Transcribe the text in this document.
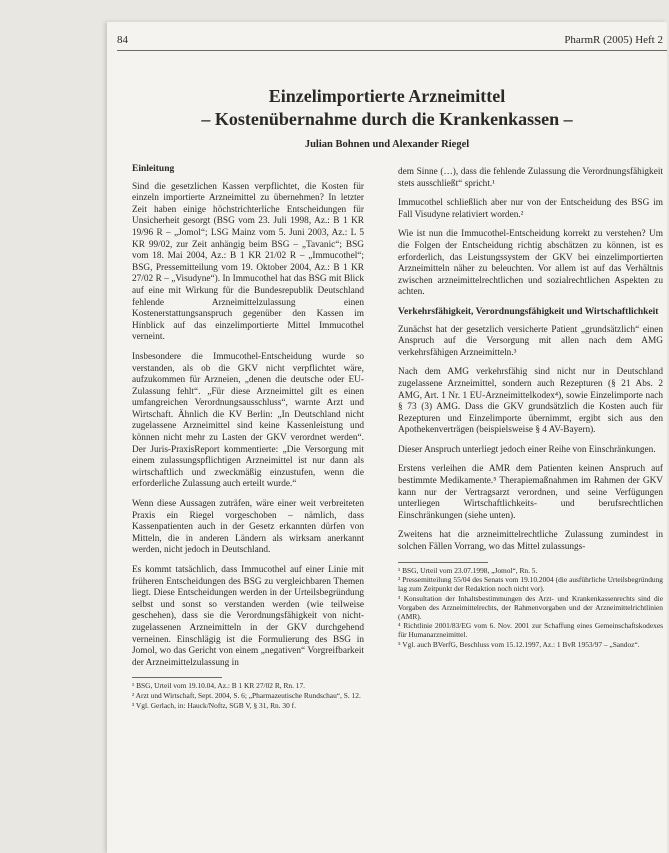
84	PharmR (2005) Heft 2
Einzelimportierte Arzneimittel
– Kostenübernahme durch die Krankenkassen –
Julian Bohnen und Alexander Riegel
Einleitung

Sind die gesetzlichen Kassen verpflichtet, die Kosten für einzeln importierte Arzneimittel zu übernehmen? In letzter Zeit haben einige höchstrichterliche Entscheidungen für Unsicherheit gesorgt (BSG vom 23. Juli 1998, Az.: B 1 KR 19/96 R – „Jomol“; LSG Mainz vom 5. Juni 2003, Az.: L 5 KR 99/02, zur Zeit anhängig beim BSG – „Tavanic“; BSG vom 18. Mai 2004, Az.: B 1 KR 21/02 R – „Immucothel“; BSG, Pressemitteilung vom 19. Oktober 2004, Az.: B 1 KR 27/02 R – „Visudyne“). In Immucothel hat das BSG mit Blick auf eine mit Wirkung für die Bundesrepublik Deutschland fehlende Arzneimittelzulassung einen Kostenerstattungsanspruch gegenüber den Kassen im Hinblick auf das einzelimportierte Mittel Immucothel verneint.

Insbesondere die Immucothel-Entscheidung wurde so verstanden, als ob die GKV nicht verpflichtet wäre, aufzukommen für Arzneien, „denen die deutsche oder EU-Zulassung fehlt“. „Für diese Arzneimittel gilt es einen umfangreichen Verordnungsausschluss“, warnte Arzt und Wirtschaft. Ähnlich die KV Berlin: „In Deutschland nicht zugelassene Arzneimittel sind keine Kassenleistung und können nicht mehr zu Lasten der GKV verordnet werden“. Der Juris-PraxisReport kommentierte: „Die Versorgung mit einem zulassungspflichtigen Arzneimittel ist nur dann als wirtschaftlich und zweckmäßig einzustufen, wenn die erforderliche Zulassung auch erteilt wurde.“

Wenn diese Aussagen zuträfen, wäre einer weit verbreiteten Praxis ein Riegel vorgeschoben – nämlich, dass Kassenpatienten auch in der Gesetz erkannten dürfen von Mitteln, die in anderen Ländern als wirksam anerkannt werden, nicht jedoch in Deutschland.

Es kommt tatsächlich, dass Immucothel auf einer Linie mit früheren Entscheidungen des BSG zu vergleichbaren Themen liegt. Diese Entscheidungen werden in der Urteilsbegründung selbst und sonst so verstanden werden (wie teilweise geschehen), dass sie die Verordnungsfähigkeit von nicht-zugelassenen Arzneimitteln in der GKV durchgehend verneinen. Einschlägig ist die Formulierung des BSG in Jomol, wo das Gericht von einem „negativen“ Vorgreifbarkeit der Arzneimittelzulassung in

¹ BSG, Urteil vom 19.10.04, Az.: B 1 KR 27/02 R, Rn. 17.

² Arzt und Wirtschaft, Sept. 2004, S. 6; „Pharmazeutische Rundschau“, S. 12.

³ Vgl. Gerlach, in: Hauck/Noftz, SGB V, § 31, Rn. 30 f.

dem Sinne (…), dass die fehlende Zulassung die Verordnungsfähigkeit stets ausschließt“ spricht.¹

Immucothel schließlich aber nur von der Entscheidung des BSG im Fall Visudyne relativiert worden.²

Wie ist nun die Immucothel-Entscheidung korrekt zu verstehen? Um die Folgen der Entscheidung richtig abschätzen zu können, ist es erforderlich, das Leistungssystem der GKV bei einzelimportierten Arzneimitteln näher zu beleuchten. Vor allem ist auf das Verhältnis zwischen arzneimittelrechtlichen und sozialrechtlichen Aspekten zu achten.

Verkehrsfähigkeit, Verordnungsfähigkeit und Wirtschaftlichkeit

Zunächst hat der gesetzlich versicherte Patient „grundsätzlich“ einen Anspruch auf die Versorgung mit allen nach dem AMG verkehrsfähigen Arzneimitteln.³

Nach dem AMG verkehrsfähig sind nicht nur in Deutschland zugelassene Arzneimittel, sondern auch Rezepturen (§ 21 Abs. 2 AMG, Art. 1 Nr. 1 EU-Arzneimittelkodex⁴), sowie Einzelimporte nach § 73 (3) AMG. Dass die GKV grundsätzlich die Kosten auch für Rezepturen und Einzelimporte übernimmt, ergibt sich aus den Apothekenverträgen (beispielsweise § 4 AV-Bayern).

Dieser Anspruch unterliegt jedoch einer Reihe von Einschränkungen.

Erstens verleihen die AMR dem Patienten keinen Anspruch auf bestimmte Medikamente.⁵ Therapiemaßnahmen im Rahmen der GKV kann nur der Vertragsarzt verordnen, und seine Verfügungen unterliegen Wirtschaftlichkeits- und berufsrechtlichen Einschränkungen (siehe unten).

Zweitens hat die arzneimittelrechtliche Zulassung zumindest in solchen Fällen Vorrang, wo das Mittel zulassungs-

¹ BSG, Urteil vom 23.07.1998, „Jomol“, Rn. 5.

² Pressemitteilung 55/04 des Senats vom 19.10.2004 (die ausführliche Urteilsbegründung lag zum Zeitpunkt der Redaktion noch nicht vor).

³ Konsultation der Inhaltsbestimmungen des Arzt- und Krankenkassenrechts sind die Vorgaben des Arzneimittelrechts, der Rahmenvorgaben und der Arzneimittelrichtlinien (AMR).

⁴ Richtlinie 2001/83/EG vom 6. Nov. 2001 zur Schaffung eines Gemeinschaftskodexes für Humanarzneimittel.

⁵ Vgl. auch BVerfG, Beschluss vom 15.12.1997, Az.: 1 BvR 1953/97 – „Sandoz“.
